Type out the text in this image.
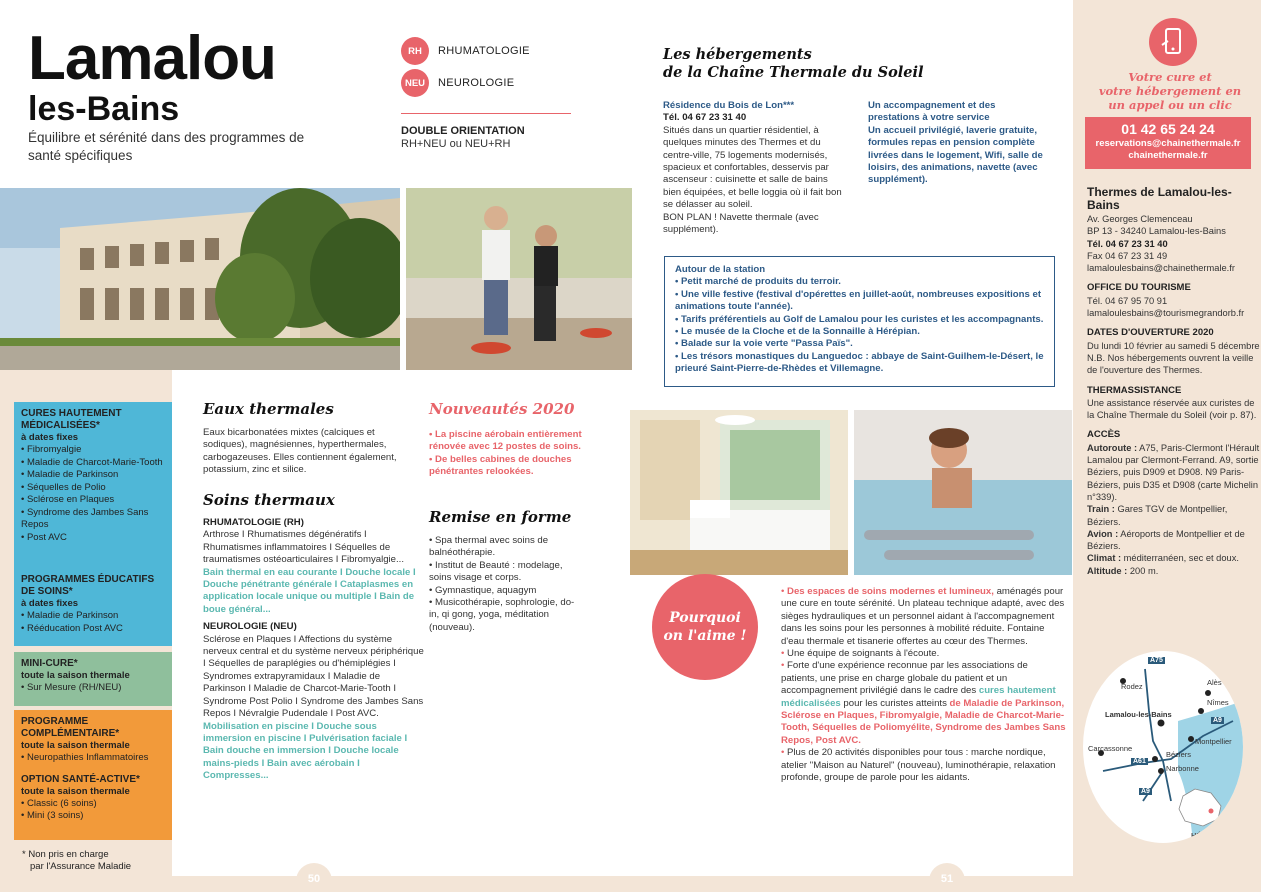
Lamalou
les-Bains
Équilibre et sérénité dans des programmes de santé spécifiques
RH	RHUMATOLOGIE
NEU	NEUROLOGIE
DOUBLE ORIENTATION
RH+NEU ou NEU+RH
Les hébergements
de la Chaîne Thermale du Soleil
Résidence du Bois de Lon***
Tél. 04 67 23 31 40
Situés dans un quartier résidentiel, à quelques minutes des Thermes et du centre-ville, 75 logements modernisés, spacieux et confortables, desservis par ascenseur : cuisinette et salle de bains bien équipées, et belle loggia où il fait bon se délasser au soleil.
BON PLAN ! Navette thermale (avec supplément).
Un accompagnement et des prestations à votre service
Un accueil privilégié, laverie gratuite, formules repas en pension complète livrées dans le logement, Wifi, salle de loisirs, des animations, navette (avec supplément).
Autour de la station
• Petit marché de produits du terroir.
• Une ville festive (festival d'opérettes en juillet-août, nombreuses expositions et animations toute l'année).
• Tarifs préférentiels au Golf de Lamalou pour les curistes et les accompagnants.
• Le musée de la Cloche et de la Sonnaille à Hérépian.
• Balade sur la voie verte "Passa Païs".
• Les trésors monastiques du Languedoc : abbaye de Saint-Guilhem-le-Désert, le prieuré Saint-Pierre-de-Rhèdes et Villemagne.
CURES HAUTEMENT MÉDICALISÉES*
à dates fixes
• Fibromyalgie
• Maladie de Charcot-Marie-Tooth
• Maladie de Parkinson
• Séquelles de Polio
• Sclérose en Plaques
• Syndrome des Jambes Sans Repos
• Post AVC
PROGRAMMES ÉDUCATIFS DE SOINS*
à dates fixes
• Maladie de Parkinson
• Rééducation Post AVC
MINI-CURE*
toute la saison thermale
• Sur Mesure (RH/NEU)
PROGRAMME COMPLÉMENTAIRE*
toute la saison thermale
• Neuropathies Inflammatoires
OPTION SANTÉ-ACTIVE*
toute la saison thermale
• Classic (6 soins)
• Mini (3 soins)
* Non pris en charge
par l'Assurance Maladie
Eaux thermales
Eaux bicarbonatées mixtes (calciques et sodiques), magnésiennes, hyperthermales, carbogazeuses. Elles contiennent également, potassium, zinc et silice.
Soins thermaux
RHUMATOLOGIE (RH)
Arthrose I Rhumatismes dégénératifs I Rhumatismes inflammatoires I Séquelles de traumatismes ostéoarticulaires I Fibromyalgie...
Bain thermal en eau courante I Douche locale I Douche pénétrante générale I Cataplasmes en application locale unique ou multiple I Bain de boue général...
NEUROLOGIE (NEU)
Sclérose en Plaques I Affections du système nerveux central et du système nerveux périphérique I Séquelles de paraplégies ou d'hémiplégies I Syndromes extrapyramidaux I Maladie de Parkinson I Maladie de Charcot-Marie-Tooth I Syndrome Post Polio I Syndrome des Jambes Sans Repos I Névralgie Pudendale I Post AVC.
Mobilisation en piscine I Douche sous immersion en piscine I Pulvérisation faciale I Bain douche en immersion I Douche locale mains-pieds I Bain avec aérobain I Compresses...
Nouveautés 2020
• La piscine aérobain entièrement rénovée avec 12 postes de soins.
• De belles cabines de douches pénétrantes relookées.
Remise en forme
• Spa thermal avec soins de balnéothérapie.
• Institut de Beauté : modelage, soins visage et corps.
• Gymnastique, aquagym
• Musicothérapie, sophrologie, do-in, qi gong, yoga, méditation (nouveau).
Pourquoi
on l'aime !
• Des espaces de soins modernes et lumineux, aménagés pour une cure en toute sérénité. Un plateau technique adapté, avec des sièges hydrauliques et un personnel aidant à l'accompagnement dans les soins pour les personnes à mobilité réduite. Fontaine d'eau thermale et tisanerie offertes au cœur des Thermes.
• Une équipe de soignants à l'écoute.
• Forte d'une expérience reconnue par les associations de patients, une prise en charge globale du patient et un accompagnement privilégié dans le cadre des cures hautement médicalisées pour les curistes atteints de Maladie de Parkinson, Sclérose en Plaques, Fibromyalgie, Maladie de Charcot-Marie-Tooth, Séquelles de Poliomyélite, Syndrome des Jambes Sans Repos, Post AVC.
• Plus de 20 activités disponibles pour tous : marche nordique, atelier "Maison au Naturel" (nouveau), luminothérapie, relaxation profonde, groupe de parole pour les aidants.
Votre cure et
votre hébergement en
un appel ou un clic
01 42 65 24 24
reservations@chainethermale.fr
chainethermale.fr
Thermes de Lamalou-les-Bains
Av. Georges Clemenceau
BP 13 - 34240 Lamalou-les-Bains
Tél. 04 67 23 31 40
Fax 04 67 23 31 49
lamaloulesbains@chainethermale.fr
OFFICE DU TOURISME
Tél. 04 67 95 70 91
lamaloulesbains@tourismegrandorb.fr
DATES D'OUVERTURE 2020
Du lundi 10 février au samedi 5 décembre N.B. Nos hébergements ouvrent la veille de l'ouverture des Thermes.
THERMASSISTANCE
Une assistance réservée aux curistes de la Chaîne Thermale du Soleil (voir p. 87).
ACCÈS
Autoroute : A75, Paris-Clermont l'Hérault Lamalou par Clermont-Ferrand. A9, sortie Béziers, puis D909 et D908. N9 Paris-Béziers, puis D35 et D908 (carte Michelin n°339).
Train : Gares TGV de Montpellier, Béziers.
Avion : Aéroports de Montpellier et de Béziers.
Climat : méditerranéen, sec et doux.
Altitude : 200 m.
A75
Alès
Rodez
Nîmes
Lamalou-les-Bains
A9
Montpellier
Carcassonne
Béziers
A61
Narbonne
A9
HÉRAULT
50	51
